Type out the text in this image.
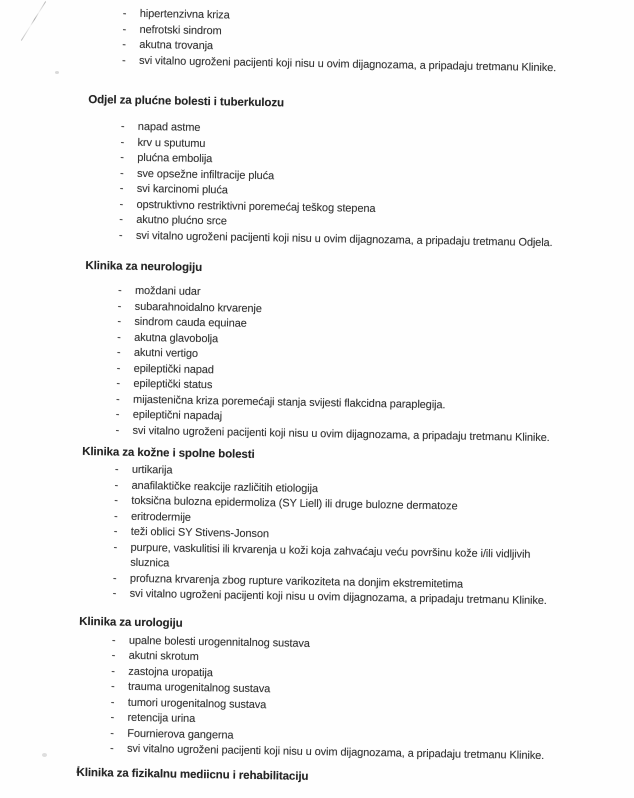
-	hipertenzivna kriza
-	nefrotski sindrom
-	akutna trovanja
-	svi vitalno ugroženi pacijenti koji nisu u ovim dijagnozama, a pripadaju tretmanu Klinike.
Odjel za plućne bolesti i tuberkulozu
-	napad astme
-	krv u sputumu
-	plućna embolija
-	sve opsežne infiltracije pluća
-	svi karcinomi pluća
-	opstruktivno restriktivni poremećaj teškog stepena
-	akutno plućno srce
-	svi vitalno ugroženi pacijenti koji nisu u ovim dijagnozama, a pripadaju tretmanu Odjela.
Klinika za neurologiju
-	moždani udar
-	subarahnoidalno krvarenje
-	sindrom cauda equinae
-	akutna glavobolja
-	akutni vertigo
-	epileptički napad
-	epileptički status
-	mijastenična kriza poremećaji stanja svijesti flakcidna paraplegija.
-	epileptični napadaj
-	svi vitalno ugroženi pacijenti koji nisu u ovim dijagnozama, a pripadaju tretmanu Klinike.
Klinika za kožne i spolne bolesti
-	urtikarija
-	anafilaktičke reakcije različitih etiologija
-	toksična bulozna epidermoliza (SY Liell) ili druge bulozne dermatoze
-	eritrodermije
-	teži oblici SY Stivens-Jonson
-	purpure, vaskulitisi ili krvarenja u koži koja zahvaćaju veću površinu kože i/ili vidljivih
sluznica
-	profuzna krvarenja zbog rupture varikoziteta na donjim ekstremitetima
-	svi vitalno ugroženi pacijenti koji nisu u ovim dijagnozama, a pripadaju tretmanu Klinike.
Klinika za urologiju
-	upalne bolesti urogennitalnog sustava
-	akutni skrotum
-	zastojna uropatija
-	trauma urogenitalnog sustava
-	tumori urogenitalnog sustava
-	retencija urina
-	Fournierova gangerna
-	svi vitalno ugroženi pacijenti koji nisu u ovim dijagnozama, a pripadaju tretmanu Klinike.
Klinika za fizikalnu mediicnu i rehabilitaciju
